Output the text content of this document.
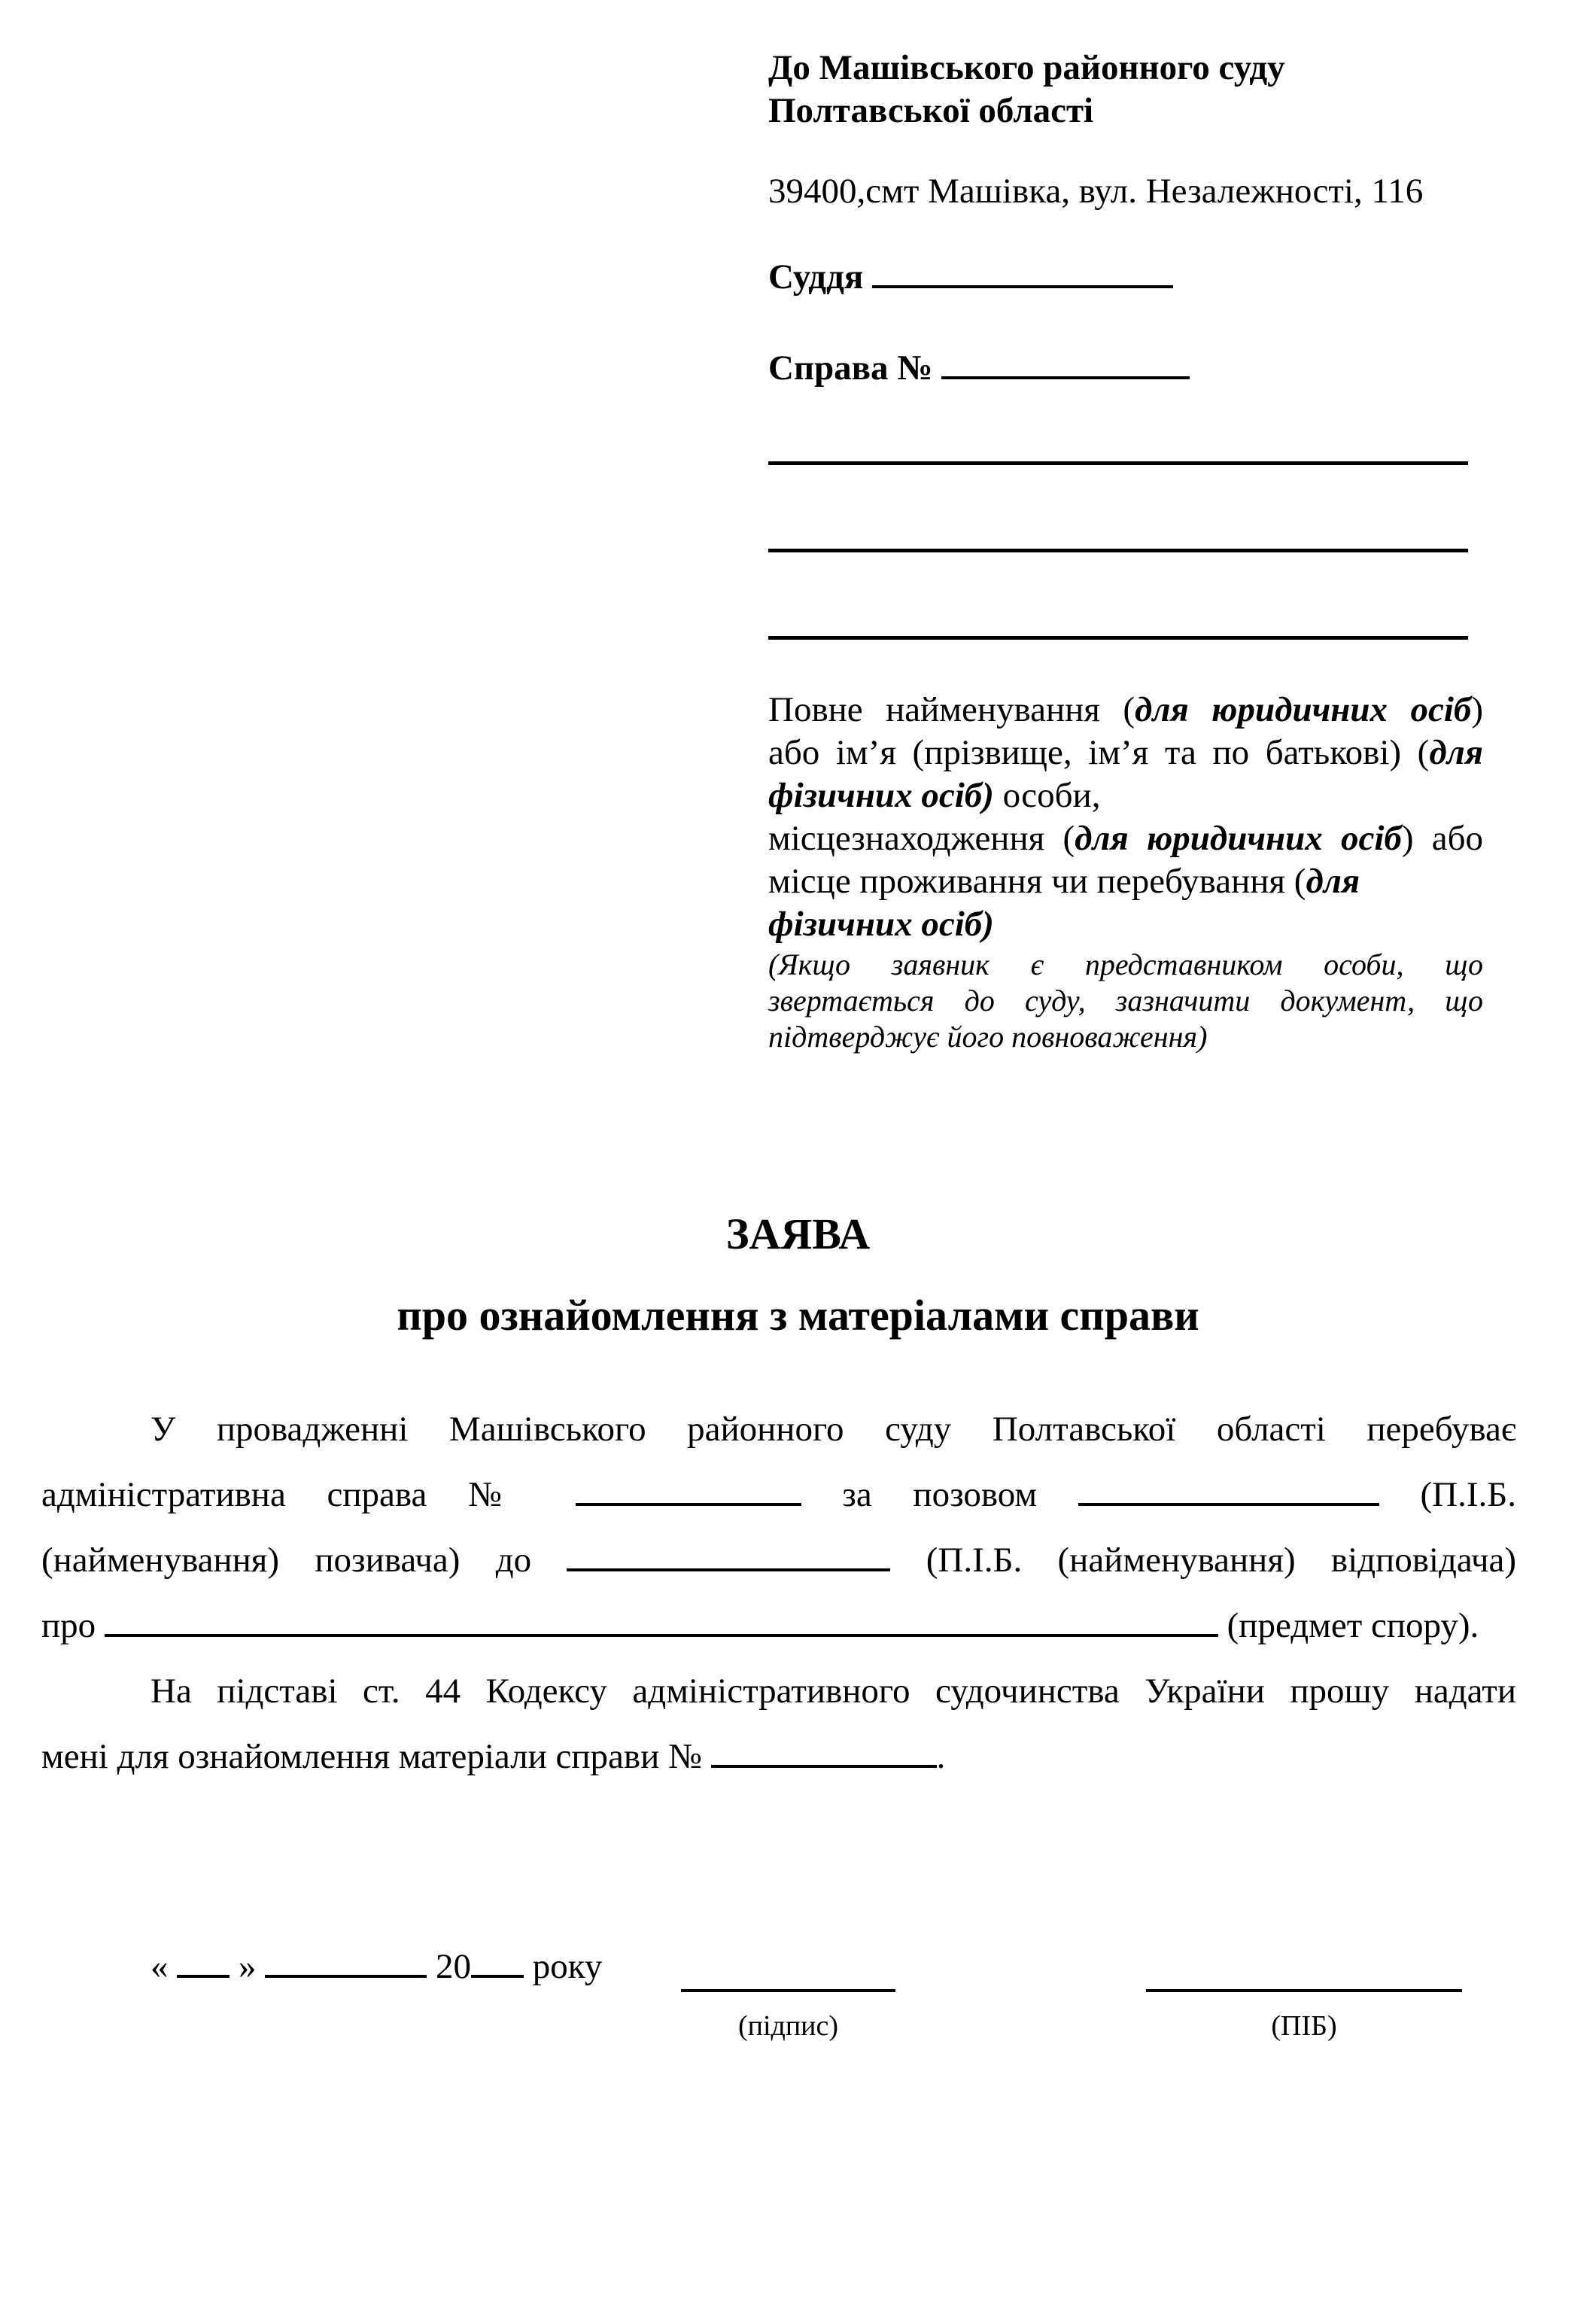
До Машівського районного суду
Полтавської області
39400,смт Машівка, вул. Незалежності, 116
Суддя
Справа №
Повне найменування (для юридичних осіб)
або ім’я (прізвище, ім’я та по батькові) (для
фізичних осіб) особи,
місцезнаходження (для юридичних осіб) або
місце проживання чи перебування (для
фізичних осіб)
(Якщо заявник є представником особи, що
звертається до суду, зазначити документ, що
підтверджує його повноваження)
ЗАЯВА
про ознайомлення з матеріалами справи
У провадженні Машівського районного суду Полтавської області перебуває
адміністративна справа №	за позовом	(П.І.Б.
(найменування) позивача) до	(П.І.Б. (найменування) відповідача)
про	(предмет спору).
На підставі ст. 44 Кодексу адміністративного судочинства України прошу надати
мені для ознайомлення матеріали справи №	.
«  »	20 року
(підпис)	(ПІБ)
